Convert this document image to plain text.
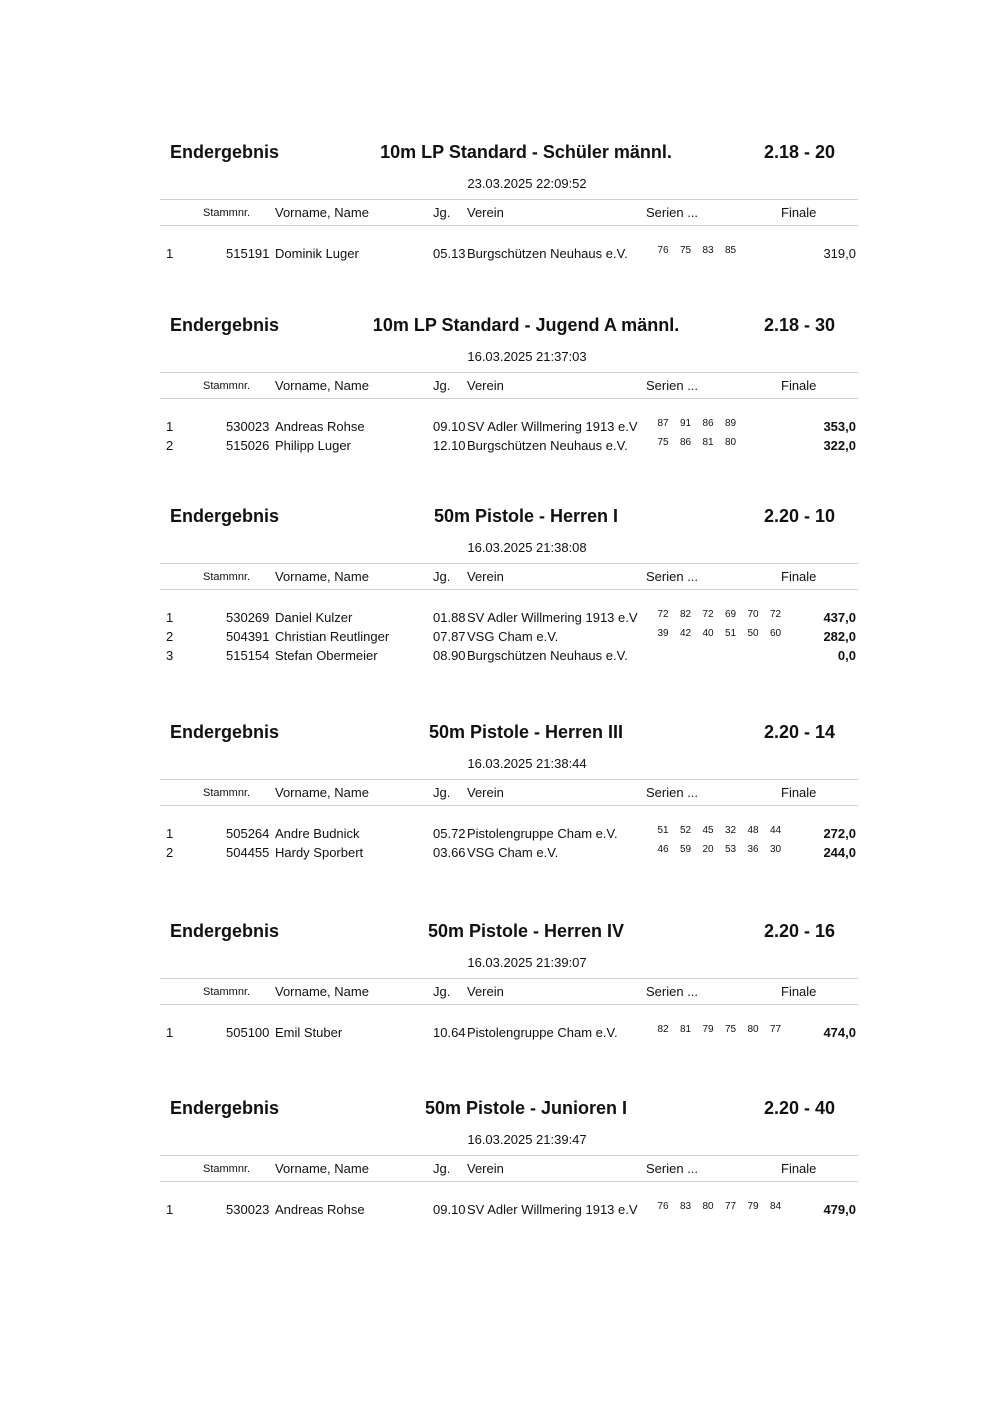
Endergebnis	10m LP Standard - Schüler männl.	2.18 - 20
23.03.2025 22:09:52
Stammnr. Vorname, Name	Jg. Verein	Serien ...	Finale
1	515191 Dominik Luger	05.13 Burgschützen Neuhaus e.V.	76 75 83 85	319,0
Endergebnis	10m LP Standard - Jugend A männl.	2.18 - 30
16.03.2025 21:37:03
Stammnr. Vorname, Name	Jg. Verein	Serien ...	Finale
1	530023 Andreas Rohse	09.10 SV Adler Willmering 1913 e.V 87 91 86 89	353,0
2	515026 Philipp Luger	12.10 Burgschützen Neuhaus e.V.	75 86 81 80	322,0
Endergebnis	50m Pistole - Herren I	2.20 - 10
16.03.2025 21:38:08
Stammnr. Vorname, Name	Jg. Verein	Serien ...	Finale
1	530269 Daniel Kulzer	01.88 SV Adler Willmering 1913 e.V 72 82 72 69 70 72	437,0
2	504391 Christian Reutlinger	07.87 VSG Cham e.V.	39 42 40 51 50 60	282,0
3	515154 Stefan Obermeier	08.90 Burgschützen Neuhaus e.V.	0,0
Endergebnis	50m Pistole - Herren III	2.20 - 14
16.03.2025 21:38:44
Stammnr. Vorname, Name	Jg. Verein	Serien ...	Finale
1	505264 Andre Budnick	05.72 Pistolengruppe Cham e.V.	51 52 45 32 48 44	272,0
2	504455 Hardy Sporbert	03.66 VSG Cham e.V.	46 59 20 53 36 30	244,0
Endergebnis	50m Pistole - Herren IV	2.20 - 16
16.03.2025 21:39:07
Stammnr. Vorname, Name	Jg. Verein	Serien ...	Finale
1	505100 Emil Stuber	10.64 Pistolengruppe Cham e.V.	82 81 79 75 80 77	474,0
Endergebnis	50m Pistole - Junioren I	2.20 - 40
16.03.2025 21:39:47
Stammnr. Vorname, Name	Jg. Verein	Serien ...	Finale
1	530023 Andreas Rohse	09.10 SV Adler Willmering 1913 e.V 76 83 80 77 79 84	479,0
